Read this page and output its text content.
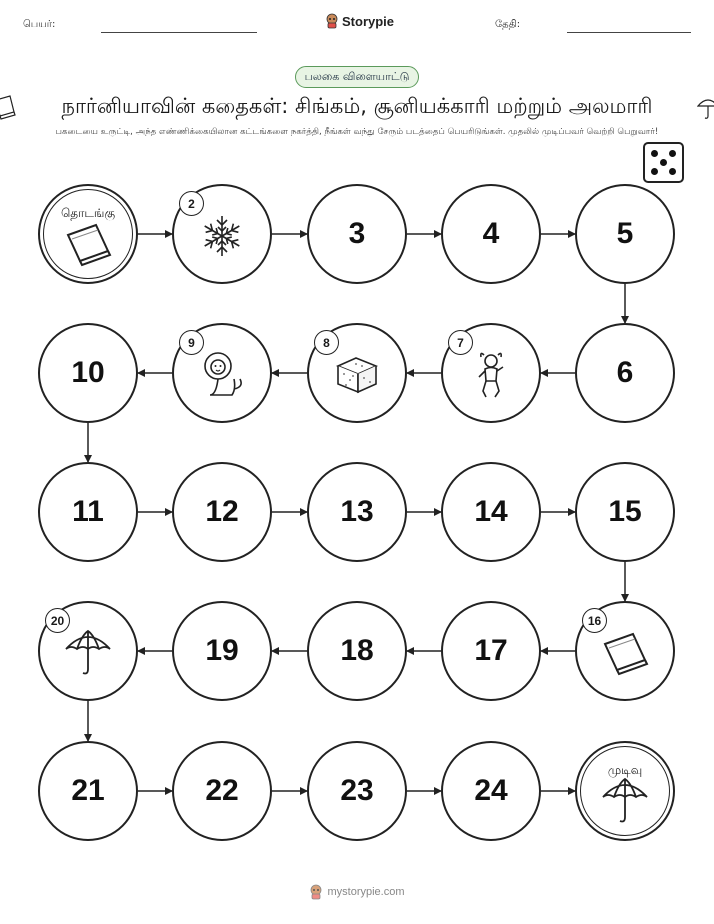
பெயர்:	Storypie	தேதி:
பலகை விளையாட்டு
நார்னியாவின் கதைகள்: சிங்கம், சூனியக்காரி மற்றும் அலமாரி
பகடையை உருட்டி, அந்த எண்ணிக்கையிலான கட்டங்களை நகர்த்தி, நீங்கள் வந்து சேரும் படத்தைப் பெயரிடுங்கள். முதலில் முடிப்பவர் வெற்றி பெறுவார்!
தொடங்கு
2
3	4	5
6
7
8
9
10
11	12	13	14	15
16
17
18
19
20
21	22	23	24
முடிவு
mystorypie.com
